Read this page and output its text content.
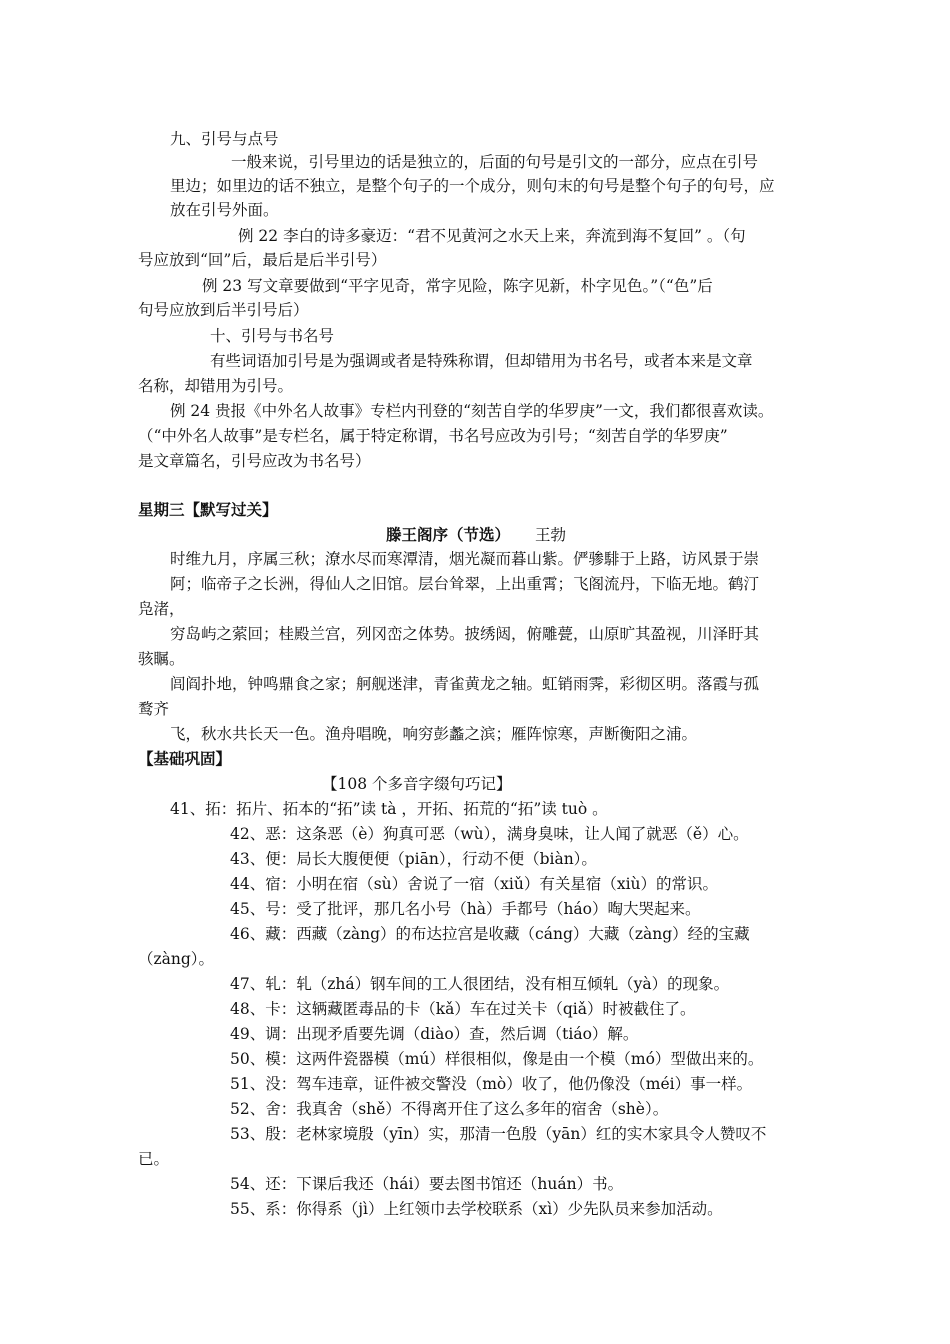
九、引号与点号
一般来说，引号里边的话是独立的，后面的句号是引文的一部分，应点在引号
里边；如里边的话不独立，是整个句子的一个成分，则句末的句号是整个句子的句号，应
放在引号外面。
例 22 李白的诗多豪迈：“君不见黄河之水天上来，奔流到海不复回” 。（句
号应放到“回”后，最后是后半引号）
例 23 写文章要做到“平字见奇，常字见险，陈字见新，朴字见色。”（“色”后
句号应放到后半引号后）
十、引号与书名号
有些词语加引号是为强调或者是特殊称谓，但却错用为书名号，或者本来是文章
名称，却错用为引号。
例 24 贵报《中外名人故事》专栏内刊登的“刻苦自学的华罗庚”一文，我们都很喜欢读。
（“中外名人故事”是专栏名，属于特定称谓，书名号应改为引号；“刻苦自学的华罗庚”
是文章篇名，引号应改为书名号）
星期三【默写过关】
滕王阁序（节选） 王勃
时维九月，序属三秋；潦水尽而寒潭清，烟光凝而暮山紫。俨骖騑于上路，访风景于崇
阿；临帝子之长洲，得仙人之旧馆。层台耸翠，上出重霄；飞阁流丹，下临无地。鹤汀
凫渚，
穷岛屿之萦回；桂殿兰宫，列冈峦之体势。披绣闼，俯雕甍，山原旷其盈视，川泽盱其
骇瞩。
闾阎扑地，钟鸣鼎食之家；舸舰迷津，青雀黄龙之轴。虹销雨霁，彩彻区明。落霞与孤
鹜齐
飞，秋水共长天一色。渔舟唱晚，响穷彭蠡之滨；雁阵惊寒，声断衡阳之浦。
【基础巩固】
【108 个多音字缀句巧记】
41、拓：拓片、拓本的“拓”读 tà ，开拓、拓荒的“拓”读 tuò 。
42、恶：这条恶（è）狗真可恶（wù），满身臭味，让人闻了就恶（ě）心。
43、便：局长大腹便便（piān），行动不便（biàn）。
44、宿：小明在宿（sù）舍说了一宿（xiǔ）有关星宿（xiù）的常识。
45、号：受了批评，那几名小号（hà）手都号（háo）啕大哭起来。
46、藏：西藏（zàng）的布达拉宫是收藏（cáng）大藏（zàng）经的宝藏
（zàng）。
47、轧：轧（zhá）钢车间的工人很团结，没有相互倾轧（yà）的现象。
48、卡：这辆藏匿毒品的卡（kǎ）车在过关卡（qiǎ）时被截住了。
49、调：出现矛盾要先调（diào）查，然后调（tiáo）解。
50、模：这两件瓷器模（mú）样很相似，像是由一个模（mó）型做出来的。
51、没：驾车违章，证件被交警没（mò）收了，他仍像没（méi）事一样。
52、舍：我真舍（shě）不得离开住了这么多年的宿舍（shè）。
53、殷：老林家境殷（yīn）实，那清一色殷（yān）红的实木家具令人赞叹不
已。
54、还：下课后我还（hái）要去图书馆还（huán）书。
55、系：你得系（jì）上红领巾去学校联系（xì）少先队员来参加活动。
